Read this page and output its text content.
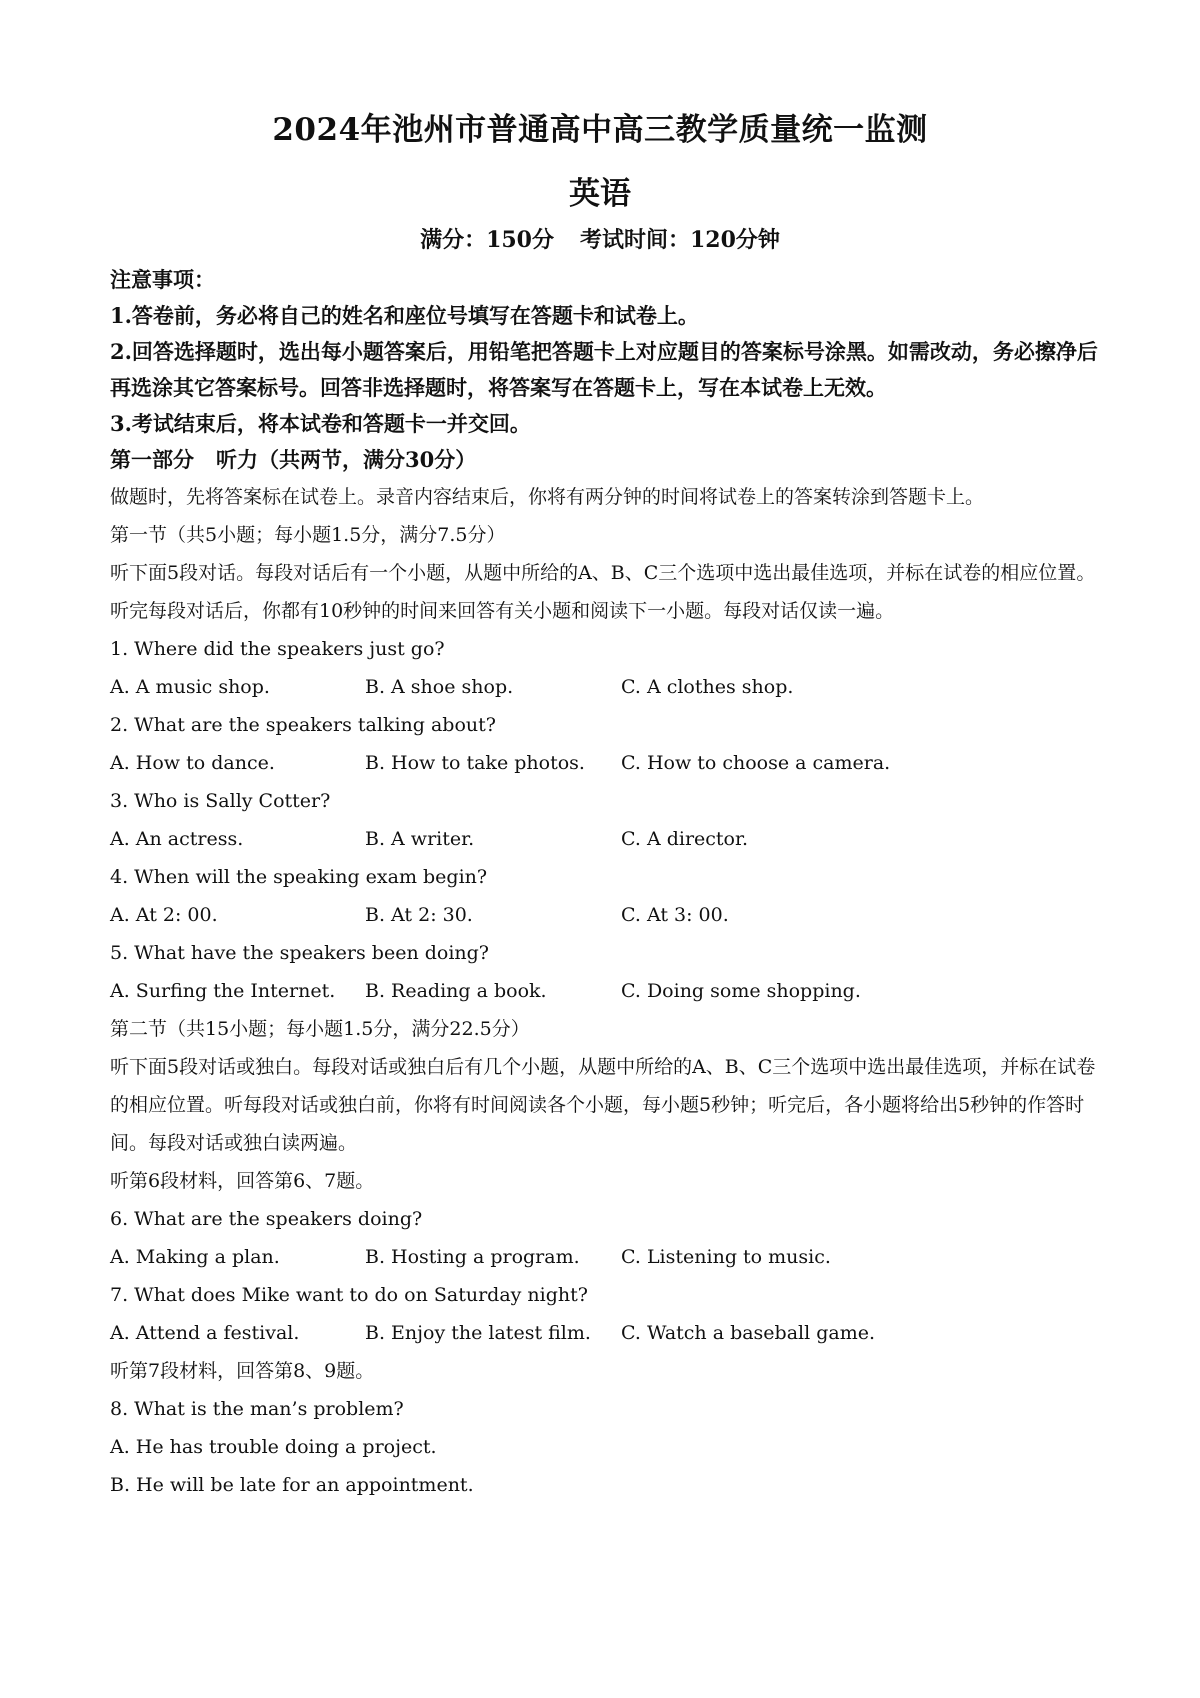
2024年池州市普通高中高三教学质量统一监测
英语
满分：150分 考试时间：120分钟
注意事项：
1.答卷前，务必将自己的姓名和座位号填写在答题卡和试卷上。
2.回答选择题时，选出每小题答案后，用铅笔把答题卡上对应题目的答案标号涂黑。如需改动，务必擦净后再选涂其它答案标号。回答非选择题时，将答案写在答题卡上，写在本试卷上无效。
3.考试结束后，将本试卷和答题卡一并交回。
第一部分 听力（共两节，满分30分）
做题时，先将答案标在试卷上。录音内容结束后，你将有两分钟的时间将试卷上的答案转涂到答题卡上。
第一节（共5小题；每小题1.5分，满分7.5分）
听下面5段对话。每段对话后有一个小题，从题中所给的A、B、C三个选项中选出最佳选项，并标在试卷的相应位置。听完每段对话后，你都有10秒钟的时间来回答有关小题和阅读下一小题。每段对话仅读一遍。
1. Where did the speakers just go?
A. A music shop.	B. A shoe shop.	C. A clothes shop.
2. What are the speakers talking about?
A. How to dance.	B. How to take photos. C. How to choose a camera.
3. Who is Sally Cotter?
A. An actress.	B. A writer.	C. A director.
4. When will the speaking exam begin?
A. At 2: 00.	B. At 2: 30.	C. At 3: 00.
5. What have the speakers been doing?
A. Surfing the Internet. B. Reading a book.	C. Doing some shopping.
第二节（共15小题；每小题1.5分，满分22.5分）
听下面5段对话或独白。每段对话或独白后有几个小题，从题中所给的A、B、C三个选项中选出最佳选项，并标在试卷的相应位置。听每段对话或独白前，你将有时间阅读各个小题，每小题5秒钟；听完后，各小题将给出5秒钟的作答时间。每段对话或独白读两遍。
听第6段材料，回答第6、7题。
6. What are the speakers doing?
A. Making a plan.	B. Hosting a program. C. Listening to music.
7. What does Mike want to do on Saturday night?
A. Attend a festival.	B. Enjoy the latest film. C. Watch a baseball game.
听第7段材料，回答第8、9题。
8. What is the man’s problem?
A. He has trouble doing a project.
B. He will be late for an appointment.
